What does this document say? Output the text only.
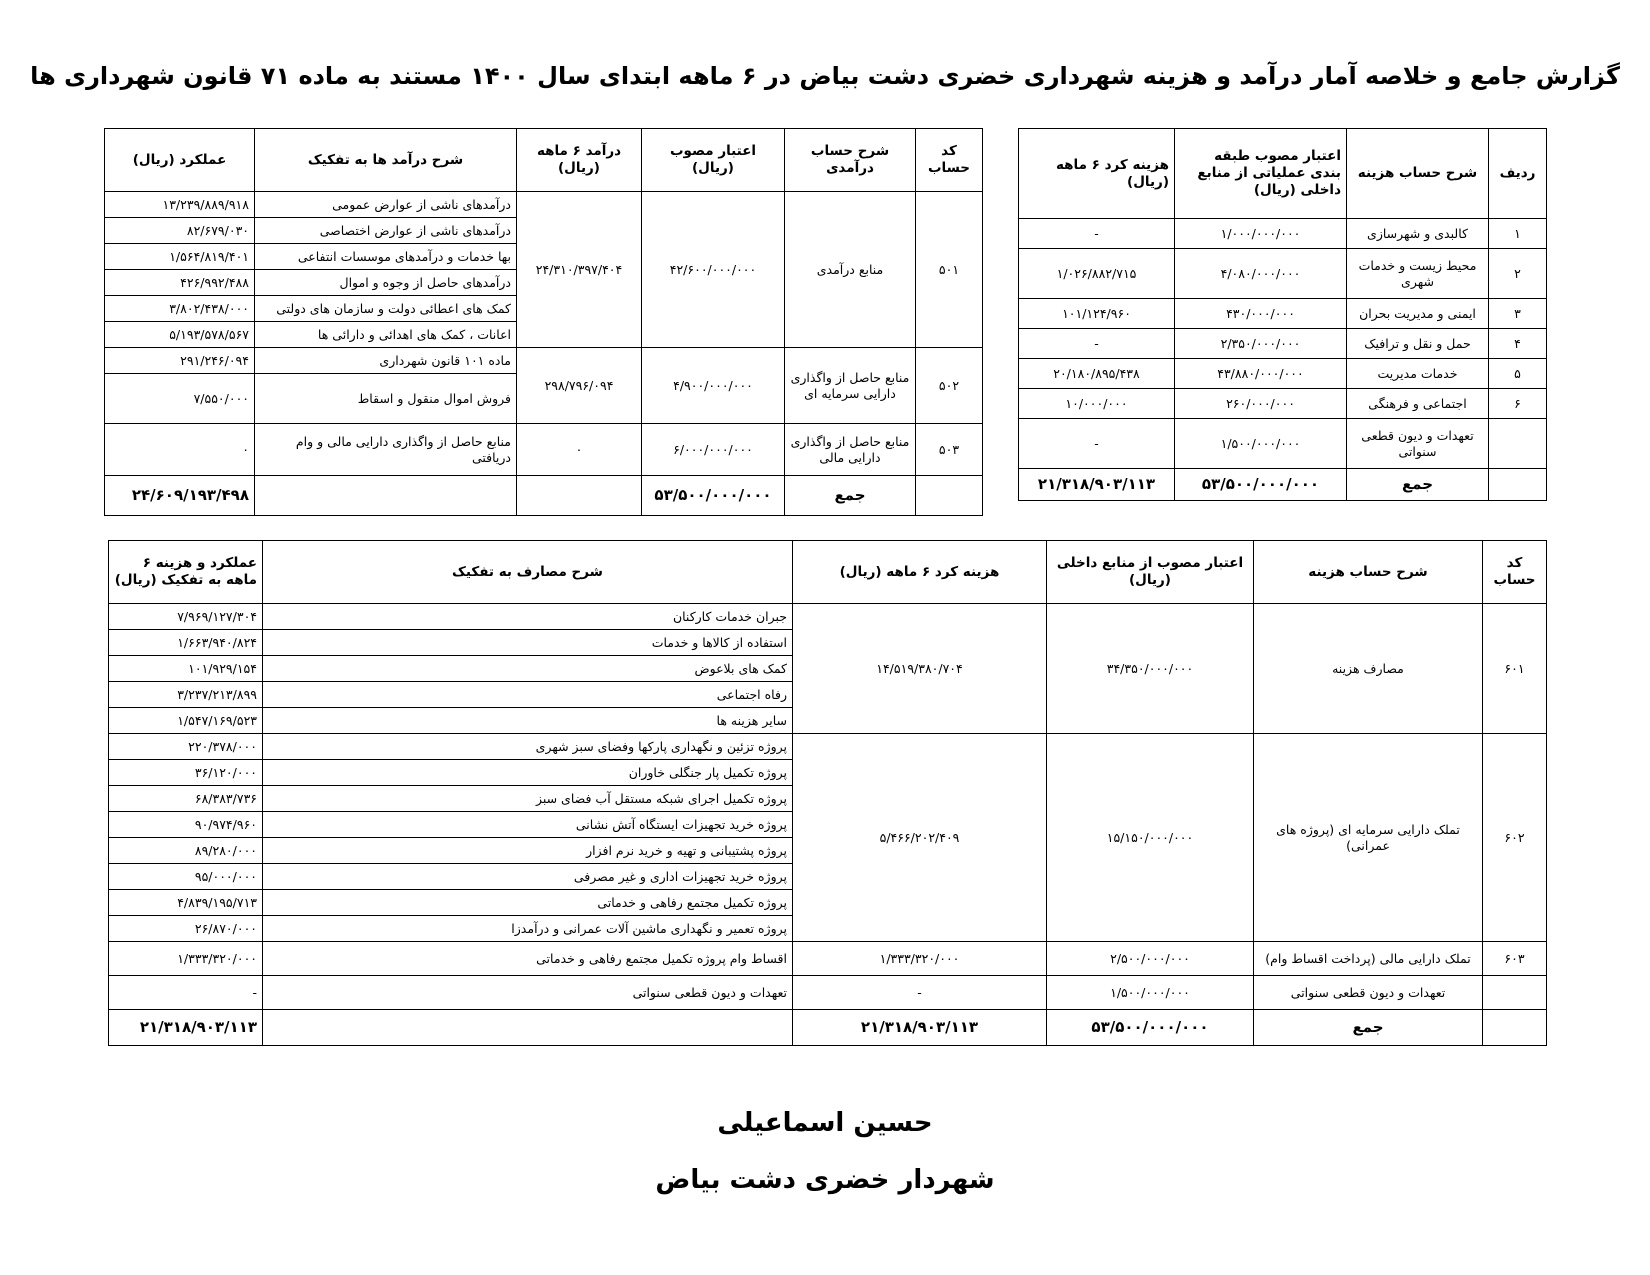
گزارش جامع و خلاصه آمار درآمد و هزینه شهرداری خضری دشت بیاض در ۶ ماهه ابتدای سال ۱۴۰۰ مستند به ماده ۷۱ قانون شهرداری ها
ردیف	شرح حساب هزینه	اعتبار مصوب طبقه بندی عملیاتی از منابع داخلی (ریال)	هزینه کرد ۶ ماهه (ریال)
۱	کالبدی و شهرسازی	۱/۰۰۰/۰۰۰/۰۰۰	-
۲	محیط زیست و خدمات شهری	۴/۰۸۰/۰۰۰/۰۰۰	۱/۰۲۶/۸۸۲/۷۱۵
۳	ایمنی و مدیریت بحران	۴۳۰/۰۰۰/۰۰۰	۱۰۱/۱۲۴/۹۶۰
۴	حمل و نقل و ترافیک	۲/۳۵۰/۰۰۰/۰۰۰	-
۵	خدمات مدیریت	۴۳/۸۸۰/۰۰۰/۰۰۰	۲۰/۱۸۰/۸۹۵/۴۳۸
۶	اجتماعی و فرهنگی	۲۶۰/۰۰۰/۰۰۰	۱۰/۰۰۰/۰۰۰
	تعهدات و دیون قطعی سنواتی	۱/۵۰۰/۰۰۰/۰۰۰	-
	جمع	۵۳/۵۰۰/۰۰۰/۰۰۰	۲۱/۳۱۸/۹۰۳/۱۱۳
کد حساب	شرح حساب درآمدی	اعتبار مصوب (ریال)	درآمد ۶ ماهه (ریال)	شرح درآمد ها به تفکیک	عملکرد (ریال)
۵۰۱	منابع درآمدی	۴۲/۶۰۰/۰۰۰/۰۰۰	۲۴/۳۱۰/۳۹۷/۴۰۴	درآمدهای ناشی از عوارض عمومی	۱۳/۲۳۹/۸۸۹/۹۱۸
				درآمدهای ناشی از عوارض اختصاصی	۸۲/۶۷۹/۰۳۰
				بها خدمات و درآمدهای موسسات انتفاعی	۱/۵۶۴/۸۱۹/۴۰۱
				درآمدهای حاصل از وجوه و اموال	۴۲۶/۹۹۲/۴۸۸
				کمک های اعطائی دولت و سازمان های دولتی	۳/۸۰۲/۴۳۸/۰۰۰
				اعانات ، کمک های اهدائی و دارائی ها	۵/۱۹۳/۵۷۸/۵۶۷
۵۰۲	منابع حاصل از واگذاری دارایی سرمایه ای	۴/۹۰۰/۰۰۰/۰۰۰	۲۹۸/۷۹۶/۰۹۴	ماده ۱۰۱ قانون شهرداری	۲۹۱/۲۴۶/۰۹۴
				فروش اموال منقول و اسقاط	۷/۵۵۰/۰۰۰
۵۰۳	منابع حاصل از واگذاری دارایی مالی	۶/۰۰۰/۰۰۰/۰۰۰	۰	منابع حاصل از واگذاری دارایی مالی و وام دریافتی	۰
	جمع	۵۳/۵۰۰/۰۰۰/۰۰۰			۲۴/۶۰۹/۱۹۳/۴۹۸
کد حساب	شرح حساب هزینه	اعتبار مصوب از منابع داخلی (ریال)	هزینه کرد ۶ ماهه (ریال)	شرح مصارف به تفکیک	عملکرد و هزینه ۶ ماهه به تفکیک (ریال)
۶۰۱	مصارف هزینه	۳۴/۳۵۰/۰۰۰/۰۰۰	۱۴/۵۱۹/۳۸۰/۷۰۴	جبران خدمات کارکنان	۷/۹۶۹/۱۲۷/۳۰۴
				استفاده از کالاها و خدمات	۱/۶۶۳/۹۴۰/۸۲۴
				کمک های بلاعوض	۱۰۱/۹۲۹/۱۵۴
				رفاه اجتماعی	۳/۲۳۷/۲۱۳/۸۹۹
				سایر هزینه ها	۱/۵۴۷/۱۶۹/۵۲۳
۶۰۲	تملک دارایی سرمایه ای (پروژه های عمرانی)	۱۵/۱۵۰/۰۰۰/۰۰۰	۵/۴۶۶/۲۰۲/۴۰۹	پروژه تزئین و نگهداری پارکها وفضای سبز شهری	۲۲۰/۳۷۸/۰۰۰
				پروژه تکمیل پار جنگلی خاوران	۳۶/۱۲۰/۰۰۰
				پروژه تکمیل اجرای شبکه مستقل آب فضای سبز	۶۸/۳۸۳/۷۳۶
				پروژه خرید تجهیزات ایستگاه آتش نشانی	۹۰/۹۷۴/۹۶۰
				پروژه پشتیبانی و تهیه و خرید نرم افزار	۸۹/۲۸۰/۰۰۰
				پروژه خرید تجهیزات اداری و غیر مصرفی	۹۵/۰۰۰/۰۰۰
				پروژه تکمیل مجتمع رفاهی و خدماتی	۴/۸۳۹/۱۹۵/۷۱۳
				پروژه تعمیر و نگهداری ماشین آلات عمرانی و درآمدزا	۲۶/۸۷۰/۰۰۰
۶۰۳	تملک دارایی مالی (پرداخت اقساط وام)	۲/۵۰۰/۰۰۰/۰۰۰	۱/۳۳۳/۳۲۰/۰۰۰	اقساط وام پروژه تکمیل مجتمع رفاهی و خدماتی	۱/۳۳۳/۳۲۰/۰۰۰
	تعهدات و دیون قطعی سنواتی	۱/۵۰۰/۰۰۰/۰۰۰	-	تعهدات و دیون قطعی سنواتی	-
	جمع	۵۳/۵۰۰/۰۰۰/۰۰۰	۲۱/۳۱۸/۹۰۳/۱۱۳		۲۱/۳۱۸/۹۰۳/۱۱۳
حسین اسماعیلی
شهردار خضری دشت بیاض
